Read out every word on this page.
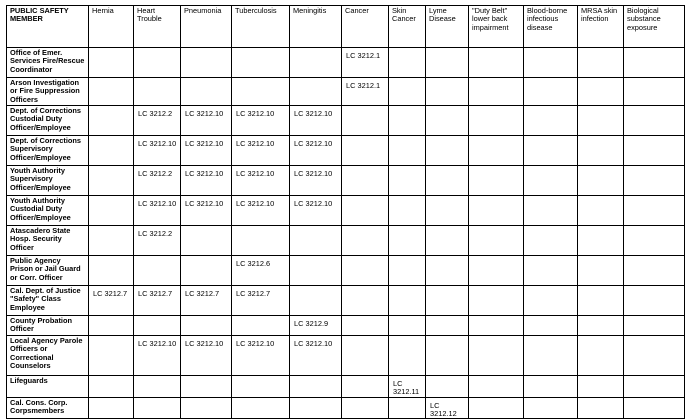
PUBLIC SAFETY MEMBER	Hernia	Heart Trouble	Pneumonia	Tuberculosis	Meningitis	Cancer	Skin Cancer	Lyme Disease	"Duty Belt" lower back impairment	Blood-borne infectious disease	MRSA skin infection	Biological substance exposure
Office of Emer. Services Fire/Rescue Coordinator						LC 3212.1						
Arson Investigation or Fire Suppression Officers						LC 3212.1						
Dept. of Corrections Custodial Duty Officer/Employee		LC 3212.2	LC 3212.10	LC 3212.10	LC 3212.10							
Dept. of Corrections Supervisory Officer/Employee		LC 3212.10	LC 3212.10	LC 3212.10	LC 3212.10							
Youth Authority Supervisory Officer/Employee		LC 3212.2	LC 3212.10	LC 3212.10	LC 3212.10							
Youth Authority Custodial Duty Officer/Employee		LC 3212.10	LC 3212.10	LC 3212.10	LC 3212.10							
Atascadero State Hosp. Security Officer		LC 3212.2										
Public Agency Prison or Jail Guard or Corr. Officer				LC 3212.6								
Cal. Dept. of Justice "Safety" Class Employee	LC 3212.7	LC 3212.7	LC 3212.7	LC 3212.7								
County Probation Officer					LC 3212.9							
Local Agency Parole Officers or Correctional Counselors		LC 3212.10	LC 3212.10	LC 3212.10	LC 3212.10							
Lifeguards							LC 3212.11					
Cal. Cons. Corp. Corpsmembers								LC 3212.12				
